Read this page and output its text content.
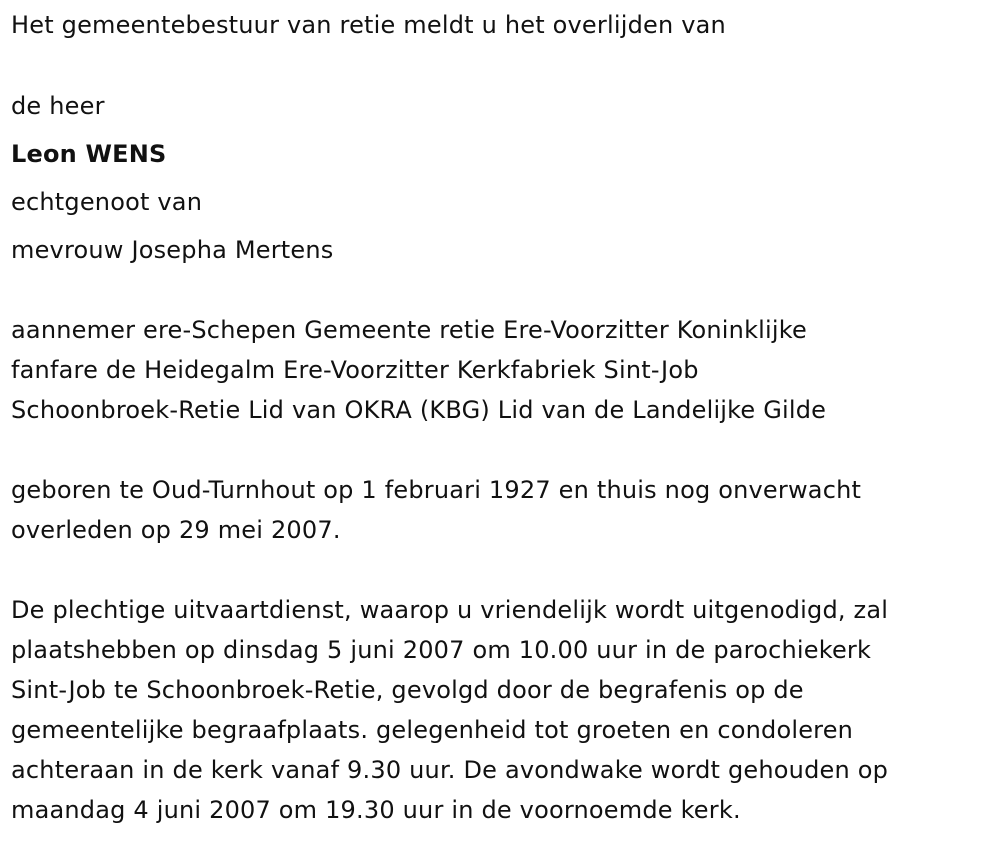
Het gemeentebestuur van retie meldt u het overlijden van
de heer
Leon WENS
echtgenoot van
mevrouw Josepha Mertens
aannemer ere-Schepen Gemeente retie Ere-Voorzitter Koninklijke
fanfare de Heidegalm Ere-Voorzitter Kerkfabriek Sint-Job
Schoonbroek-Retie Lid van OKRA (KBG) Lid van de Landelijke Gilde
geboren te Oud-Turnhout op 1 februari 1927 en thuis nog onverwacht
overleden op 29 mei 2007.
De plechtige uitvaartdienst, waarop u vriendelijk wordt uitgenodigd, zal
plaatshebben op dinsdag 5 juni 2007 om 10.00 uur in de parochiekerk
Sint-Job te Schoonbroek-Retie, gevolgd door de begrafenis op de
gemeentelijke begraafplaats. gelegenheid tot groeten en condoleren
achteraan in de kerk vanaf 9.30 uur. De avondwake wordt gehouden op
maandag 4 juni 2007 om 19.30 uur in de voornoemde kerk.
